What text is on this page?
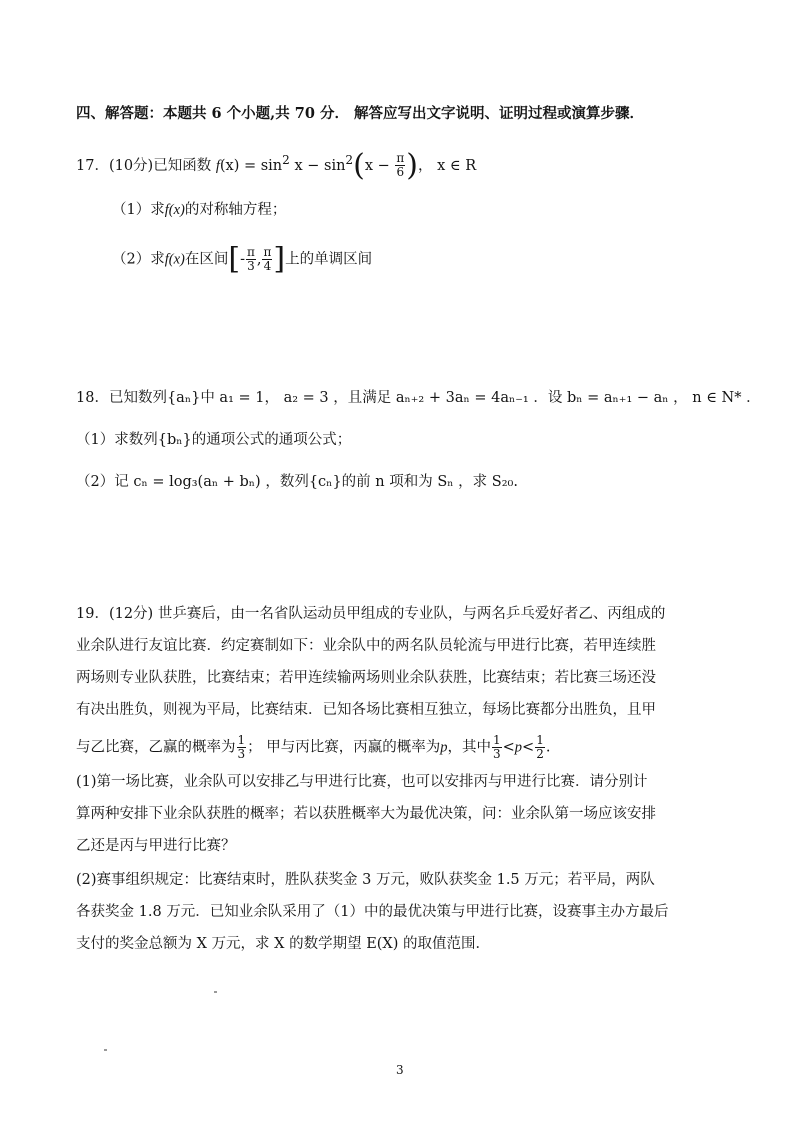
四、解答题：本题共 6 个小题,共 70 分． 解答应写出文字说明、证明过程或演算步骤．
17．(10分)已知函数 $f(x) = \sin^2 x - \sin^2(x - \frac{\pi}{6}$ )， x ∈ R
（1）求f(x)的对称轴方程；
（2）求f(x)在区间[- $\frac{\pi}{3}$ , $\frac{\pi}{4}$ ]上的单调区间
18．已知数列{aₙ}中 a₁ = 1， a₂ = 3 ，且满足 aₙ₊₂ + 3aₙ = 4aₙ₋₁ ．设 bₙ = aₙ₊₁ − aₙ ， n ∈ N* ．
（1）求数列{bₙ}的通项公式的通项公式；
（2）记 cₙ = log₃(aₙ + bₙ) ，数列{cₙ}的前 n 项和为 Sₙ ，求 S₂₀.
19．(12分) 世乒赛后，由一名省队运动员甲组成的专业队，与两名乒乓爱好者乙、丙组成的
业余队进行友谊比赛．约定赛制如下：业余队中的两名队员轮流与甲进行比赛，若甲连续胜
两场则专业队获胜，比赛结束；若甲连续输两场则业余队获胜，比赛结束；若比赛三场还没
有决出胜负，则视为平局，比赛结束．已知各场比赛相互独立，每场比赛都分出胜负，且甲
与乙比赛，乙赢的概率为 $\frac{1}{3}$ ； 甲与丙比赛，丙赢的概率为p，其中 $\frac{1}{3} <p< \frac{1}{2}$ .
(1)第一场比赛，业余队可以安排乙与甲进行比赛，也可以安排丙与甲进行比赛．请分别计
算两种安排下业余队获胜的概率；若以获胜概率大为最优决策，问：业余队第一场应该安排
乙还是丙与甲进行比赛？
(2)赛事组织规定：比赛结束时，胜队获奖金 3 万元，败队获奖金 1.5 万元；若平局，两队
各获奖金 1.8 万元．已知业余队采用了（1）中的最优决策与甲进行比赛，设赛事主办方最后
支付的奖金总额为 X 万元，求 X 的数学期望 E(X) 的取值范围．
3
